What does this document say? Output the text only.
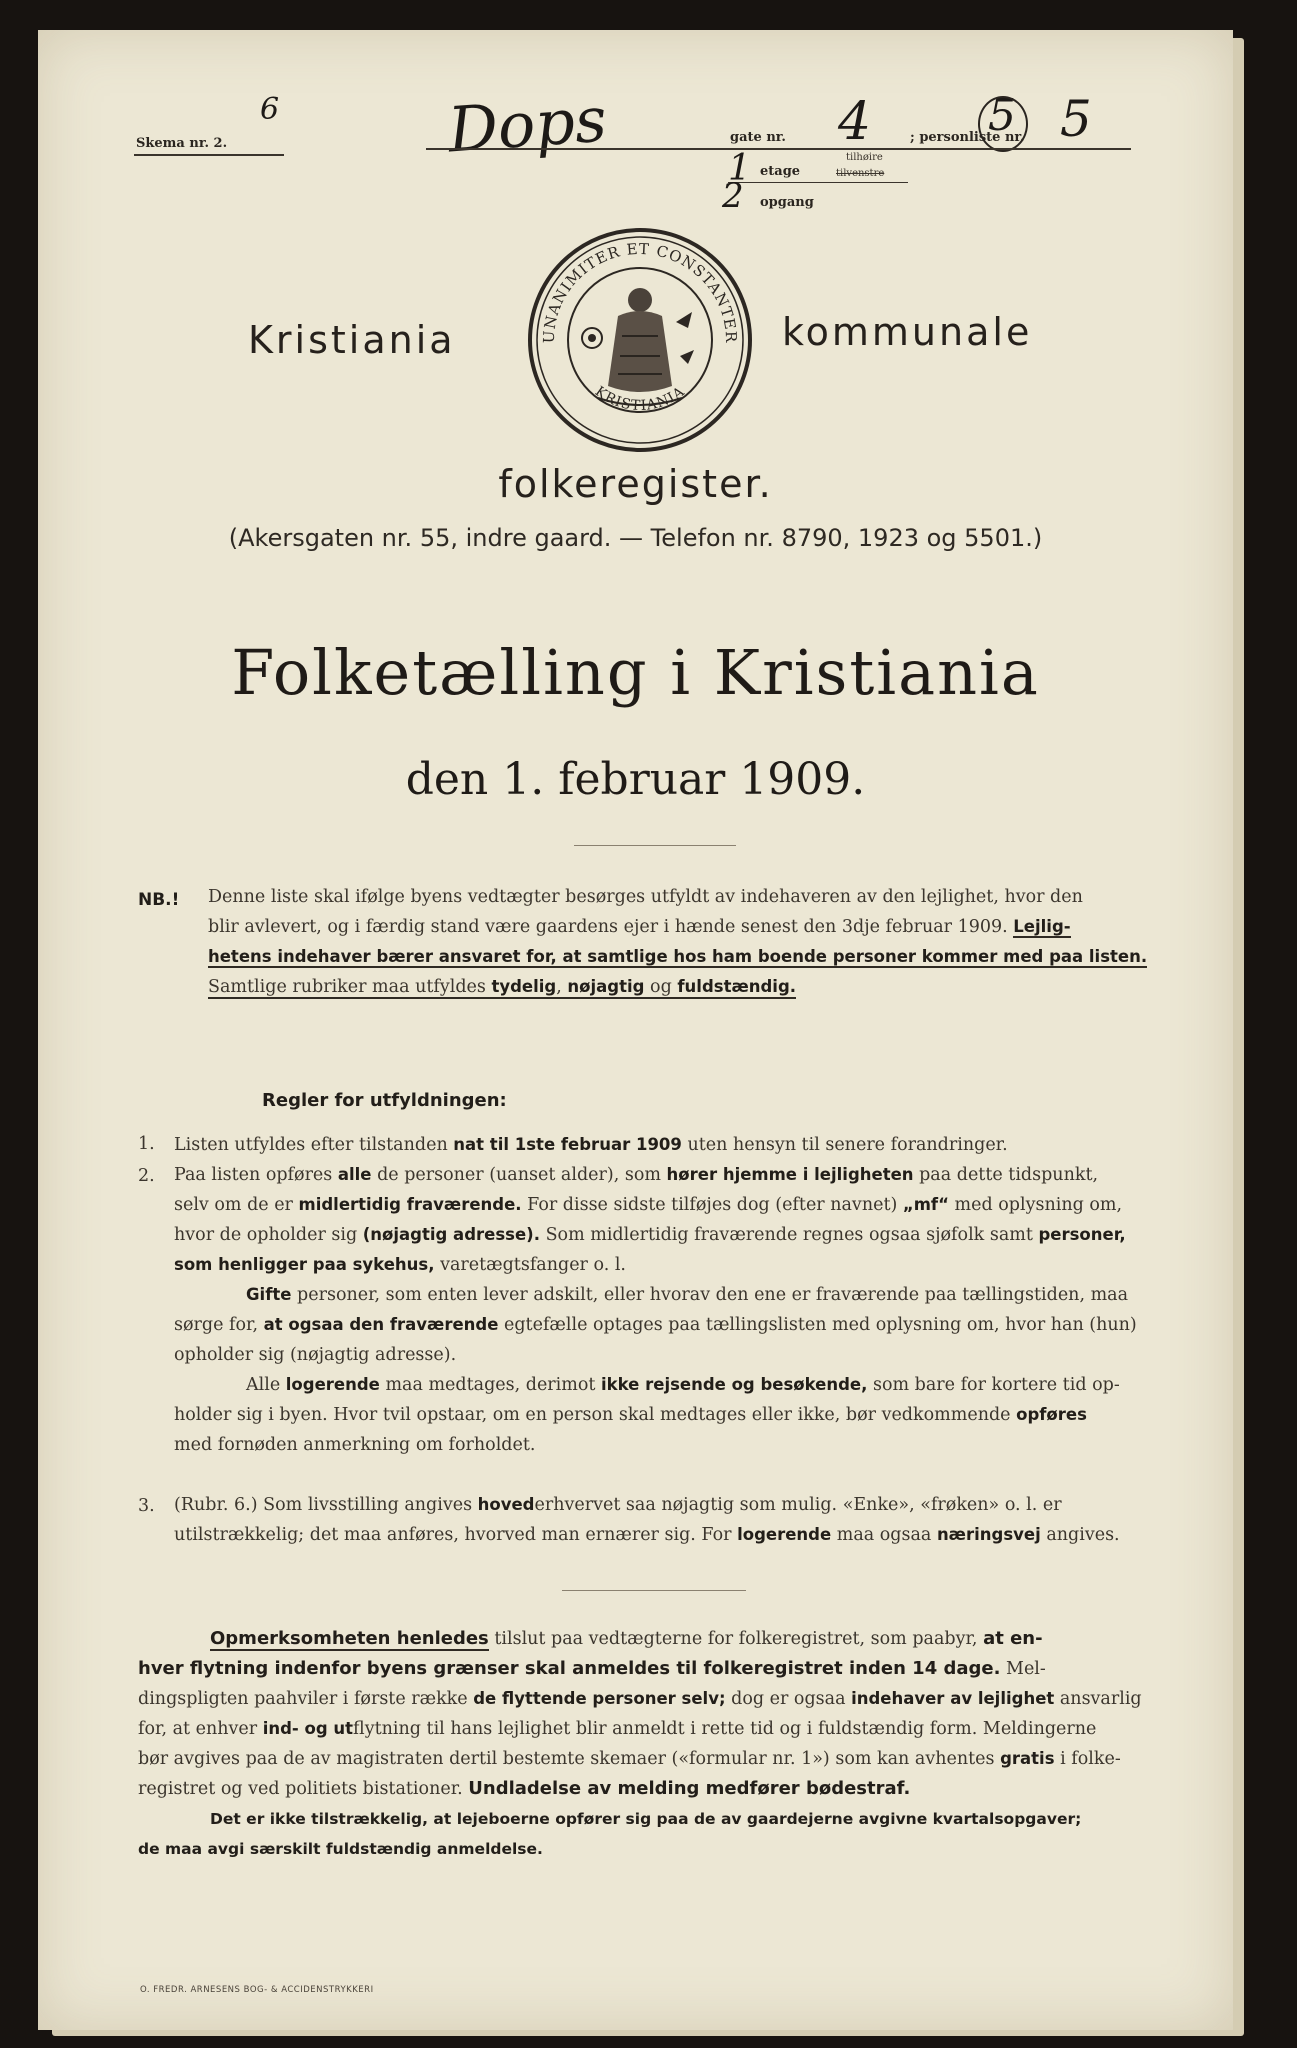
Skema nr. 2.
6	Dops	gate nr. 4	; personliste nr.
5 5
1 etage
tilhøire
tilvenstre
2 opgang
UNANIMITER ET CONSTANTER
KRISTIANIA
Kristiania	kommunale
folkeregister.
(Akersgaten nr. 55, indre gaard. — Telefon nr. 8790, 1923 og 5501.)
Folketælling i Kristiania
den 1. februar 1909.
NB.! Denne liste skal ifølge byens vedtægter besørges utfyldt av indehaveren av den lejlighet, hvor den
blir avlevert, og i færdig stand være gaardens ejer i hænde senest den 3dje februar 1909. Lejlig-
hetens indehaver bærer ansvaret for, at samtlige hos ham boende personer kommer med paa listen.
Samtlige rubriker maa utfyldes tydelig, nøjagtig og fuldstændig.
Regler for utfyldningen:
1. Listen utfyldes efter tilstanden nat til 1ste februar 1909 uten hensyn til senere forandringer.
2. Paa listen opføres alle de personer (uanset alder), som hører hjemme i lejligheten paa dette tidspunkt,
selv om de er midlertidig fraværende. For disse sidste tilføjes dog (efter navnet) „mf“ med oplysning om,
hvor de opholder sig (nøjagtig adresse). Som midlertidig fraværende regnes ogsaa sjøfolk samt personer,
som henligger paa sykehus, varetægtsfanger o. l.
Gifte personer, som enten lever adskilt, eller hvorav den ene er fraværende paa tællingstiden, maa
sørge for, at ogsaa den fraværende egtefælle optages paa tællingslisten med oplysning om, hvor han (hun)
opholder sig (nøjagtig adresse).
Alle logerende maa medtages, derimot ikke rejsende og besøkende, som bare for kortere tid op-
holder sig i byen. Hvor tvil opstaar, om en person skal medtages eller ikke, bør vedkommende opføres
med fornøden anmerkning om forholdet.
3. (Rubr. 6.) Som livsstilling angives hovederhvervet saa nøjagtig som mulig. «Enke», «frøken» o. l. er
utilstrækkelig; det maa anføres, hvorved man ernærer sig. For logerende maa ogsaa næringsvej angives.
Opmerksomheten henledes tilslut paa vedtægterne for folkeregistret, som paabyr, at en-
hver flytning indenfor byens grænser skal anmeldes til folkeregistret inden 14 dage. Mel-
dingspligten paahviler i første række de flyttende personer selv; dog er ogsaa indehaver av lejlighet ansvarlig
for, at enhver ind- og utflytning til hans lejlighet blir anmeldt i rette tid og i fuldstændig form. Meldingerne
bør avgives paa de av magistraten dertil bestemte skemaer («formular nr. 1») som kan avhentes gratis i folke-
registret og ved politiets bistationer. Undladelse av melding medfører bødestraf.
Det er ikke tilstrækkelig, at lejeboerne opfører sig paa de av gaardejerne avgivne kvartalsopgaver;
de maa avgi særskilt fuldstændig anmeldelse.
O. FREDR. ARNESENS BOG- & ACCIDENSTRYKKERI
